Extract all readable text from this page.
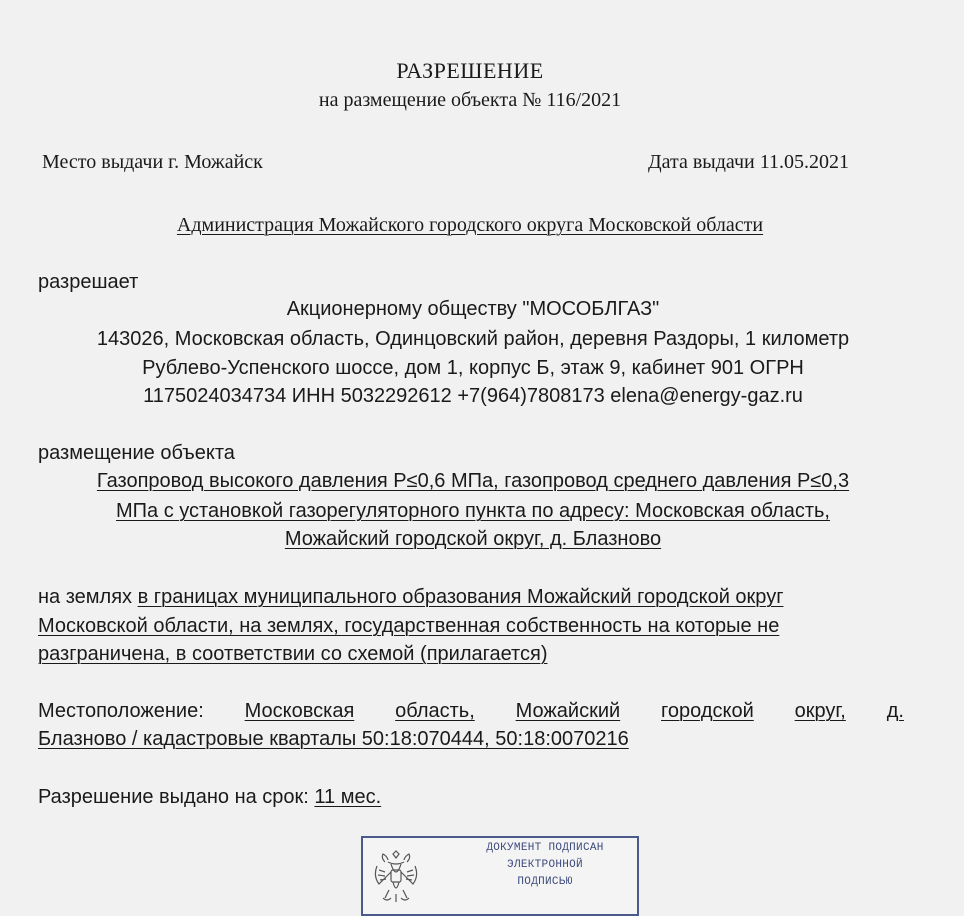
РАЗРЕШЕНИЕ
на размещение объекта № 116/2021
Место выдачи г. Можайск	Дата выдачи 11.05.2021
Администрация Можайского городского округа Московской области
разрешает
Акционерному обществу "МОСОБЛГАЗ"
143026, Московская область, Одинцовский район, деревня Раздоры, 1 километр
Рублево-Успенского шоссе, дом 1, корпус Б, этаж 9, кабинет 901 ОГРН
1175024034734 ИНН 5032292612 +7(964)7808173 elena@energy-gaz.ru
размещение объекта
Газопровод высокого давления Р≤0,6 МПа, газопровод среднего давления Р≤0,3
МПа с установкой газорегуляторного пункта по адресу: Московская область,
Можайский городской округ, д. Блазново
на землях в границах муниципального образования Можайский городской округ
Московской области, на землях, государственная собственность на которые не
разграничена, в соответствии со схемой (прилагается)
Местоположение: Московская область, Можайский городской округ, д.
Блазново / кадастровые кварталы 50:18:070444, 50:18:0070216
Разрешение выдано на срок: 11 мес.
ДОКУМЕНТ ПОДПИСАН
ЭЛЕКТРОННОЙ
ПОДПИСЬЮ
